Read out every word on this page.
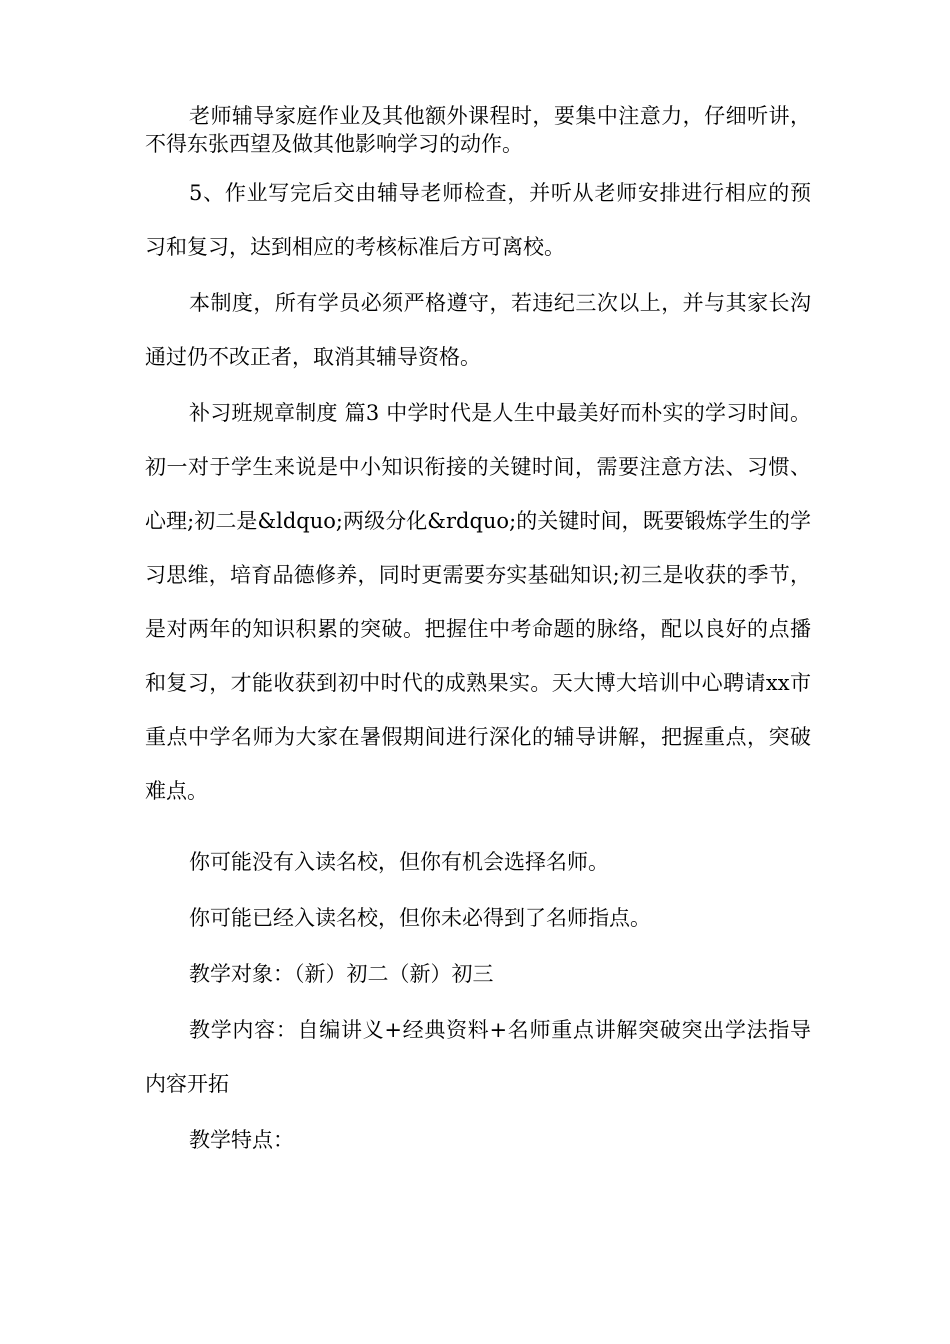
老师辅导家庭作业及其他额外课程时，要集中注意力，仔细听讲，不得东张西望及做其他影响学习的动作。

5、作业写完后交由辅导老师检查，并听从老师安排进行相应的预习和复习，达到相应的考核标准后方可离校。

本制度，所有学员必须严格遵守，若违纪三次以上，并与其家长沟通过仍不改正者，取消其辅导资格。

补习班规章制度 篇3 中学时代是人生中最美好而朴实的学习时间。初一对于学生来说是中小知识衔接的关键时间，需要注意方法、习惯、心理;初二是&ldquo;两级分化&rdquo;的关键时间，既要锻炼学生的学习思维，培育品德修养，同时更需要夯实基础知识;初三是收获的季节，是对两年的知识积累的突破。把握住中考命题的脉络，配以良好的点播和复习，才能收获到初中时代的成熟果实。天大博大培训中心聘请xx市重点中学名师为大家在暑假期间进行深化的辅导讲解，把握重点，突破难点。

你可能没有入读名校，但你有机会选择名师。

你可能已经入读名校，但你未必得到了名师指点。

教学对象：（新）初二（新）初三

教学内容：自编讲义+经典资料+名师重点讲解突破突出学法指导内容开拓

教学特点：
